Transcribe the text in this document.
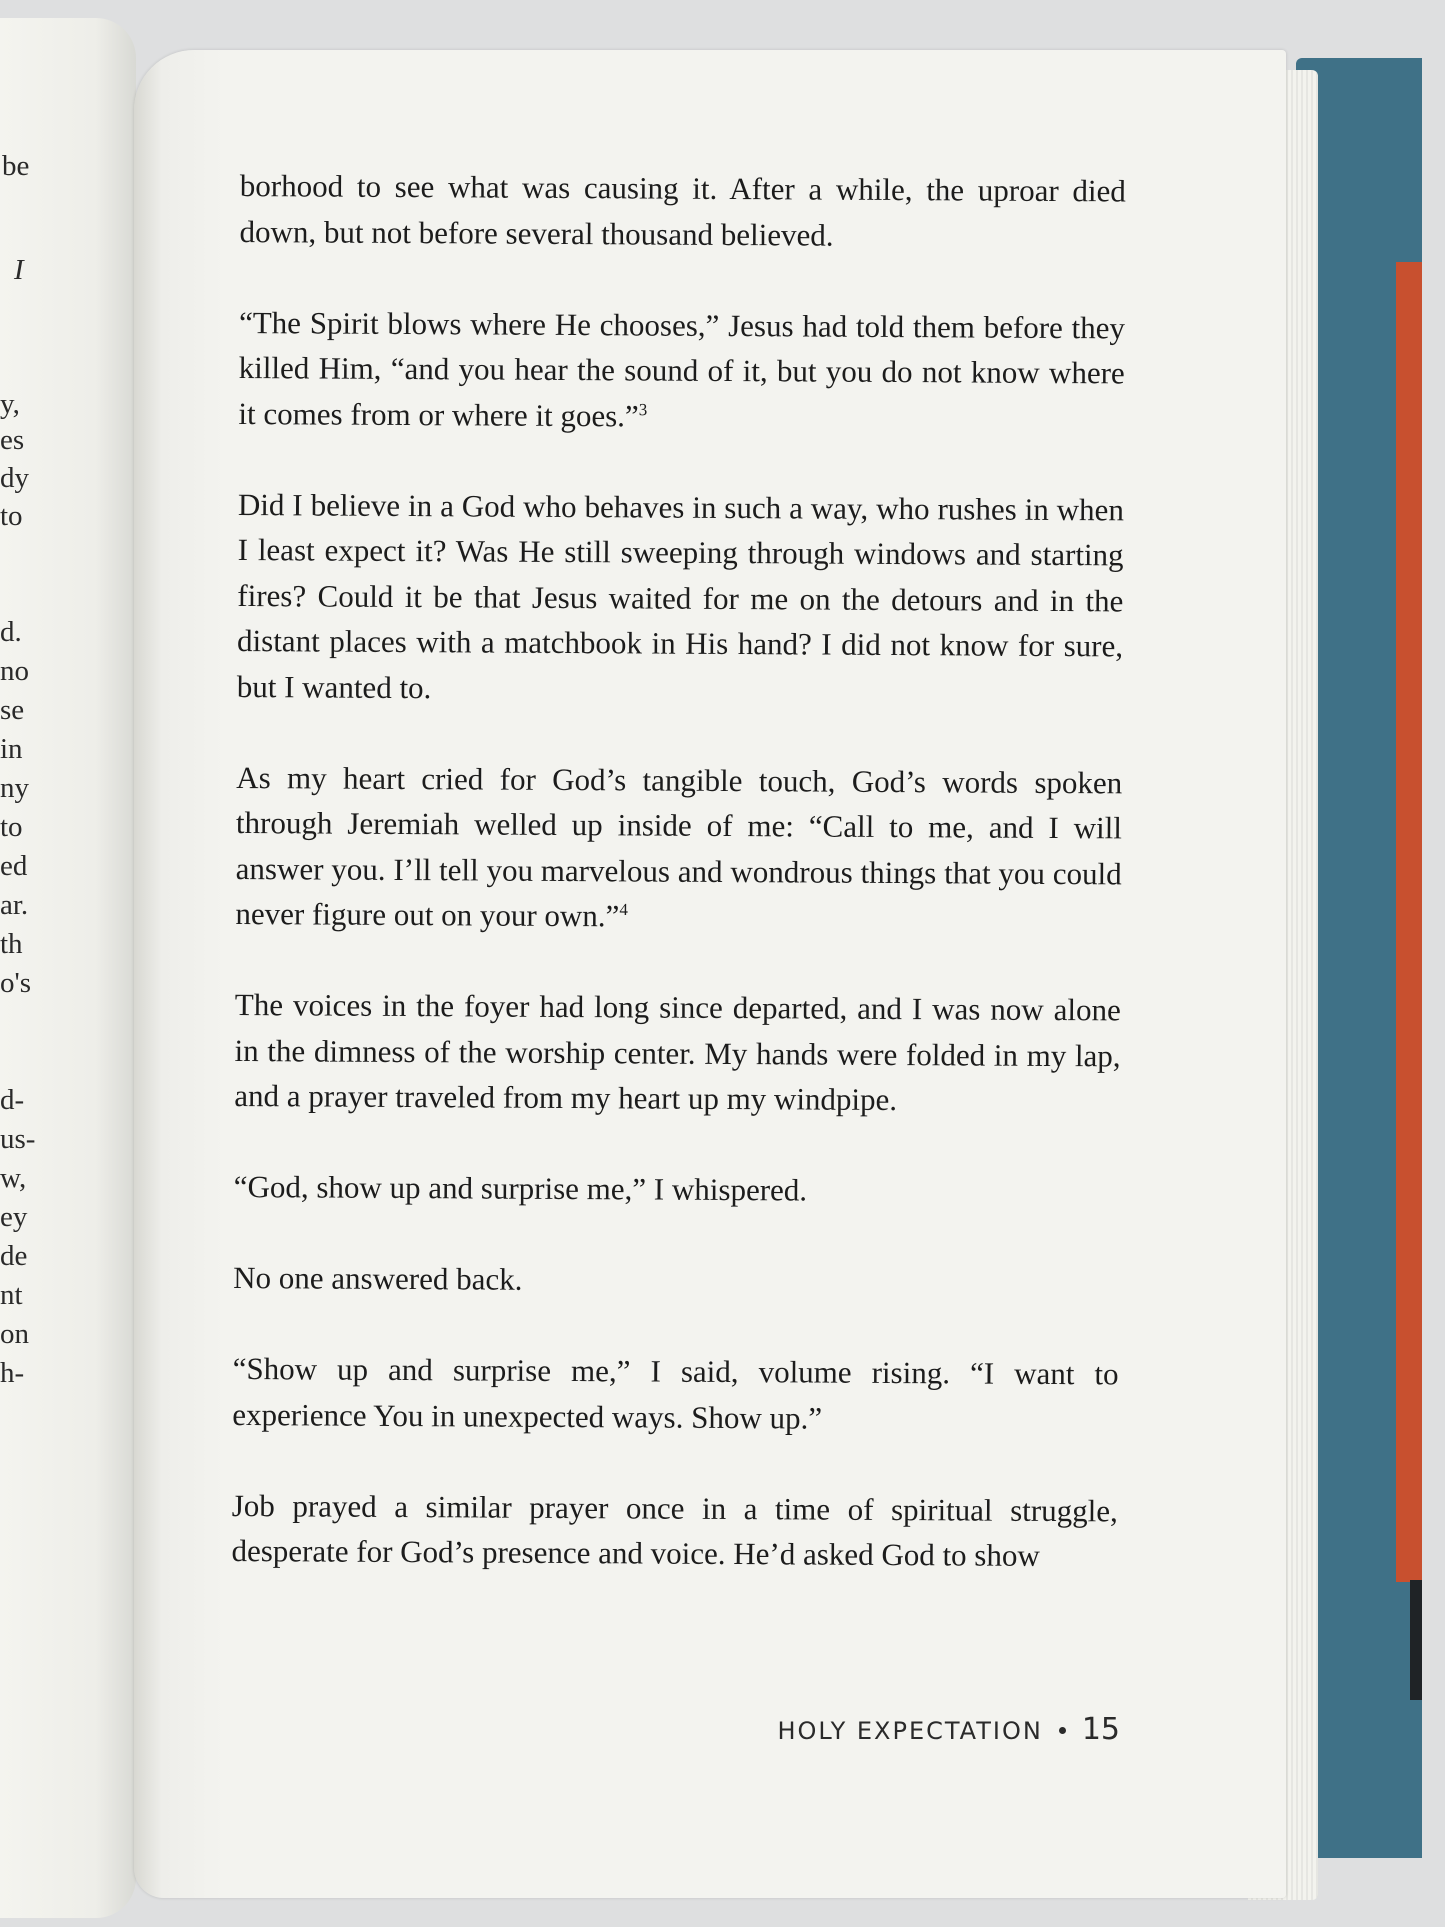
be
I
y,
es
dy
to
d.
no
se
in
ny
to
ed
ar.
th
o's
d-
us-
w,
ey
de
nt
on
h-

borhood to see what was causing it. After a while, the uproar died down, but not before several thousand believed.

“The Spirit blows where He chooses,” Jesus had told them before they killed Him, “and you hear the sound of it, but you do not know where it comes from or where it goes.”$^3$

Did I believe in a God who behaves in such a way, who rushes in when I least expect it? Was He still sweeping through windows and starting fires? Could it be that Jesus waited for me on the detours and in the distant places with a matchbook in His hand? I did not know for sure, but I wanted to.

As my heart cried for God’s tangible touch, God’s words spoken through Jeremiah welled up inside of me: “Call to me, and I will answer you. I’ll tell you marvelous and wondrous things that you could never figure out on your own.”$^4$

The voices in the foyer had long since departed, and I was now alone in the dimness of the worship center. My hands were folded in my lap, and a prayer traveled from my heart up my windpipe.

“God, show up and surprise me,” I whispered.

No one answered back.

“Show up and surprise me,” I said, volume rising. “I want to experience You in unexpected ways. Show up.”

Job prayed a similar prayer once in a time of spiritual struggle, desperate for God’s presence and voice. He’d asked God to show

HOLY EXPECTATION 15
